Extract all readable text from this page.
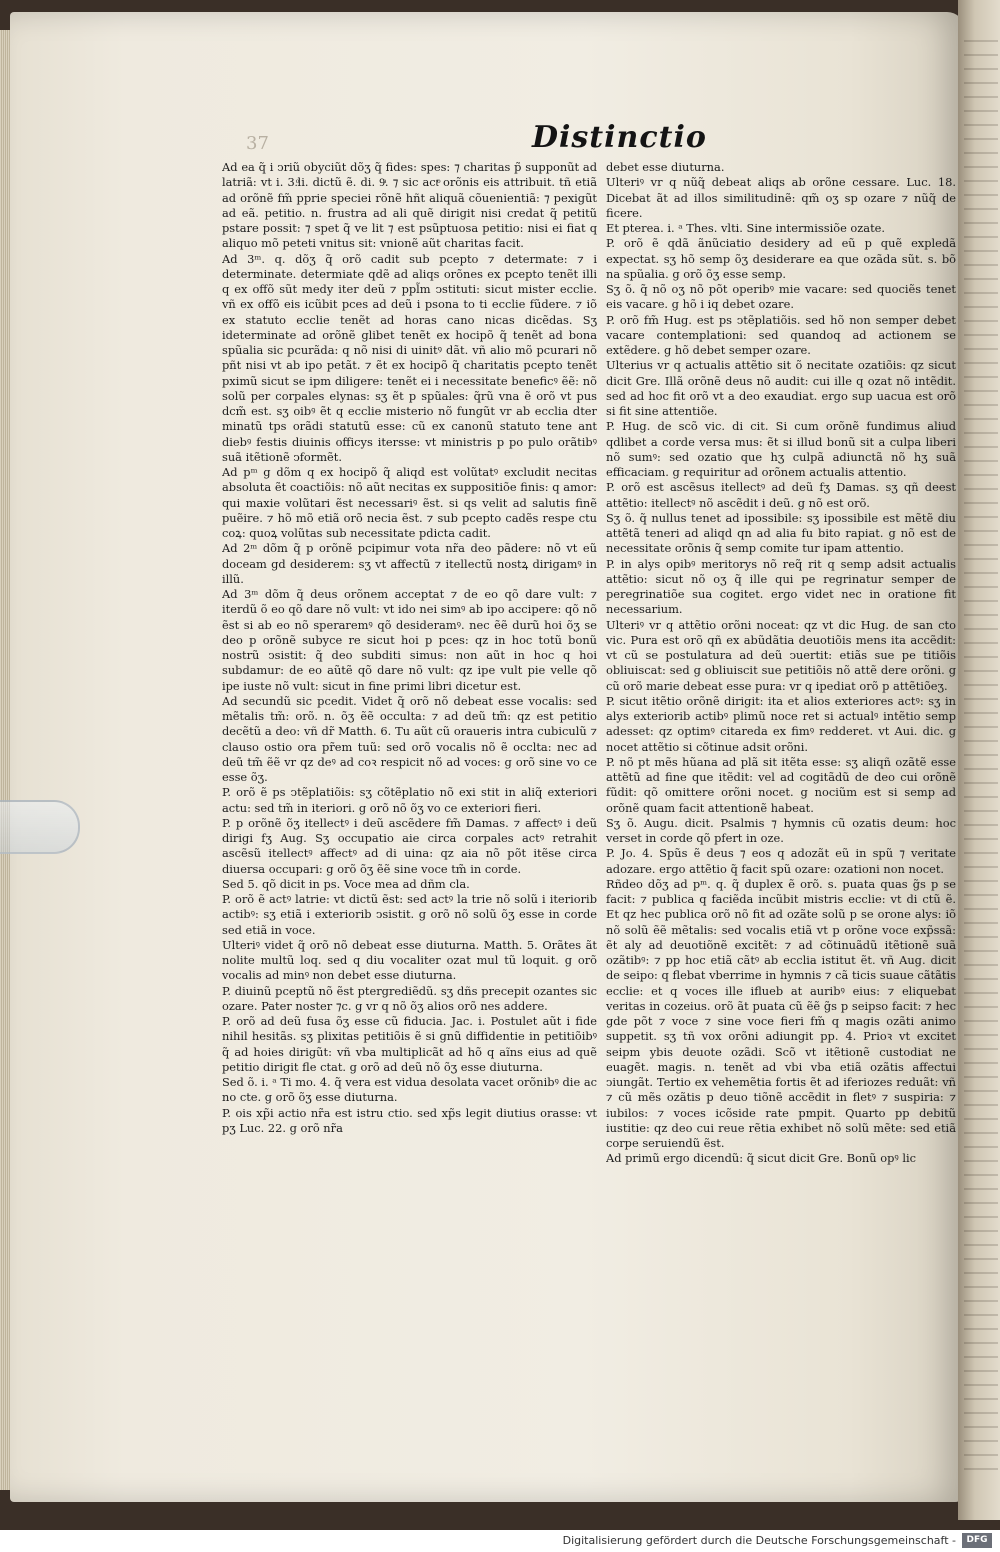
37	Distinctio

Ad ea q̃ i ↄriũ obyciũt dõʒ q̃ fides: spes: ⁊ charitas p̃ supponũt ad latriã: vt i. 3.ͦli. dictũ ẽ. di. 9ͣ. ⁊ sic actͦ orõnis eis attribuit. tñ etiã ad orõnẽ fm̃ pprie speciei rõnẽ hñt aliquã cõuenientiã: ⁊ pexigũt ad eã. petitio. n. frustra ad ali quẽ dirigit nisi credat q̃ petitũ pstare possit: ⁊ spet q̃ ve lit ⁊ est psũptuosa petitio: nisi ei fiat q aliquo mõ peteti vnitus sit: vnionẽ aũt charitas facit.

Ad 3ᵐ. q. dõʒ q̃ orõ cadit sub pcepto ⁊ determate: ⁊ i determinate. determiate qdẽ ad aliqs orõnes ex pcepto tenẽt illi q ex offõ sũt medy iter deũ ⁊ ppl̃m ↄstituti: sicut mister ecclie. vñ ex offõ eis icũbit pces ad deũ i psona to ti ecclie fũdere. ⁊ iõ ex statuto ecclie tenẽt ad horas cano nicas dicẽdas. Sʒ ideterminate ad orõnẽ glibet tenẽt ex hocipõ q̃ tenẽt ad bona spũalia sic pcurãda: q nõ nisi di uinitꝰ dãt. vñ alio mõ pcurari nõ pñt nisi vt ab ipo petãt. ⁊ ẽt ex hocipõ q̃ charitatis pcepto tenẽt pximũ sicut se ipm diligere: tenẽt ei i necessitate beneficꝰ ẽẽ: nõ solũ per corpales elynas: sʒ ẽt p spũales: q̃rũ vna ẽ orõ vt pus dcm̃ est. sʒ oibꝰ ẽt q ecclie misterio nõ fungũt vr ab ecclia dter minatũ tps orãdi statutũ esse: cũ ex canonũ statuto tene ant diebꝰ festis diuinis officys itersse: vt ministris p po pulo orãtibꝰ suã itẽtionẽ ↄformẽt.

Ad pᵐ g dõm q ex hocipõ q̃ aliqd est volũtatꝰ excludit necitas absoluta ẽt coactiõis: nõ aũt necitas ex suppositiõe finis: q amor: qui maxie volũtari ẽst necessariꝰ ẽst. si qs velit ad salutis finẽ puẽire. ⁊ hõ mõ etiã orõ necia ẽst. ⁊ sub pcepto cadẽs respe ctu coꝝ: quoꝝ volũtas sub necessitate pdicta cadit.

Ad 2ᵐ dõm q̃ p orõnẽ pcipimur vota nr̃a deo pãdere: nõ vt eũ doceam gd desiderem: sʒ vt affectũ ⁊ itellectũ nostꝝ dirigamꝰ in illũ.

Ad 3ᵐ dõm q̃ deus orõnem acceptat ⁊ de eo qõ dare vult: ⁊ iterdũ õ eo qõ dare nõ vult: vt ido nei simꝰ ab ipo accipere: qõ nõ ẽst si ab eo nõ speraremꝰ qõ desideramꝰ. nec ẽẽ durũ hoi õʒ se deo p orõnẽ subyce re sicut hoi p pces: qz in hoc totũ bonũ nostrũ ↄsistit: q̃ deo subditi simus: non aũt in hoc q hoi subdamur: de eo aũtẽ qõ dare nõ vult: qz ipe vult pie velle qõ ipe iuste nõ vult: sicut in fine primi libri dicetur est.

Ad secundũ sic pcedit. Videt q̃ orõ nõ debeat esse vocalis: sed mẽtalis tm̃: orõ. n. õʒ ẽẽ occulta: ⁊ ad deũ tm̃: qz est petitio decẽtũ a deo: vñ dr̃ Matth. 6. Tu aũt cũ oraueris intra cubiculũ ⁊ clauso ostio ora pr̃em tuũ: sed orõ vocalis nõ ẽ occlta: nec ad deũ tm̃ ẽẽ vr qz deꝰ ad coꝛ respicit nõ ad voces: g orõ sine vo ce esse õʒ.

P. orõ ẽ ps ↄtẽplatiõis: sʒ cõtẽplatio nõ exi stit in aliq̃ exteriori actu: sed tm̃ in iteriori. g orõ nõ õʒ vo ce exteriori fieri.

P. p orõnẽ õʒ itellectꝰ i deũ ascẽdere fm̃ Damas. ⁊ affectꝰ i deũ dirigi fʒ Aug. Sʒ occupatio aie circa corpales actꝰ retrahit ascẽsũ itellectꝰ affectꝰ ad di uina: qz aia nõ põt itẽse circa diuersa occupari: g orõ õʒ ẽẽ sine voce tm̃ in corde.

Sed 5. qõ dicit in ps. Voce mea ad dñm cla.

P. orõ ẽ actꝰ latrie: vt dictũ ẽst: sed actꝰ la trie nõ solũ i iteriorib actibꝰ: sʒ etiã i exteriorib ↄsistit. g orõ nõ solũ õʒ esse in corde sed etiã in voce.

Ulteriꝰ videt q̃ orõ nõ debeat esse diuturna. Matth. 5. Orãtes ãt nolite multũ loq. sed q diu vocaliter ozat mul tũ loquit. g orõ vocalis ad minꝰ non debet esse diuturna.

P. diuinũ pceptũ nõ ẽst ptergrediẽdũ. sʒ dñs precepit ozantes sic ozare. Pater noster ⁊c. g vr q nõ õʒ alios orõ nes addere.

P. orõ ad deũ fusa õʒ esse cũ fiducia. Jac. i. Postulet aũt i fide nihil hesitãs. sʒ plixitas petitiõis ẽ si gnũ diffidentie in petitiõibꝰ q̃ ad hoies dirigũt: vñ vba multiplicãt ad hõ q aĩns eius ad quẽ petitio dirigit fle ctat. g orõ ad deũ nõ õʒ esse diuturna.

Sed õ. i. ᵃ Ti mo. 4. q̃ vera est vidua desolata vacet orõnibꝰ die ac no cte. g orõ õʒ esse diuturna.

P. ois xp̃i actio nr̃a est istru ctio. sed xp̃s legit diutius orasse: vt pʒ Luc. 22. g orõ nr̃a

debet esse diuturna.

Ulteriꝰ vr q nũq̃ debeat aliqs ab orõne cessare. Luc. 18. Dicebat ãt ad illos similitudinẽ: qm̃ oʒ sp ozare ⁊ nũq̃ de ficere.

Et pterea. i. ᵃ Thes. vlti. Sine intermissiõe ozate.

P. orõ ẽ qdã ãnũciatio desidery ad eũ p quẽ expledã expectat. sʒ hõ semp õʒ desiderare ea que ozãda sũt. s. bõ na spũalia. g orõ õʒ esse semp.

Sʒ õ. q̃ nõ oʒ nõ põt operibꝰ mie vacare: sed quociẽs tenet eis vacare. g hõ i iq debet ozare.

P. orõ fm̃ Hug. est ps ↄtẽplatiõis. sed hõ non semper debet vacare contemplationi: sed quandoq ad actionem se extẽdere. g hõ debet semper ozare.

Ulterius vr q actualis attẽtio sit õ necitate ozatiõis: qz sicut dicit Gre. Illã orõnẽ deus nõ audit: cui ille q ozat nõ intẽdit. sed ad hoc fit orõ vt a deo exaudiat. ergo sup uacua est orõ si fit sine attentiõe.

P. Hug. de scõ vic. di cit. Si cum orõnẽ fundimus aliud qdlibet a corde versa mus: ẽt si illud bonũ sit a culpa liberi nõ sumꝰ: sed ozatio que hʒ culpã adiunctã nõ hʒ suã efficaciam. g requiritur ad orõnem actualis attentio.

P. orõ est ascẽsus itellectꝰ ad deũ fʒ Damas. sʒ qñ deest attẽtio: itellectꝰ nõ ascẽdit i deũ. g nõ est orõ.

Sʒ õ. q̃ nullus tenet ad ipossibile: sʒ ipossibile est mẽtẽ diu attẽtã teneri ad aliqd qn ad alia fu bito rapiat. g nõ est de necessitate orõnis q̃ semp comite tur ipam attentio.

P. in alys opibꝰ meritorys nõ req̃ rit q semp adsit actualis attẽtio: sicut nõ oʒ q̃ ille qui pe regrinatur semper de peregrinatiõe sua cogitet. ergo videt nec in oratione fit necessarium.

Ulteriꝰ vr q attẽtio orõni noceat: qz vt dic Hug. de san cto vic. Pura est orõ qñ ex abũdãtia deuotiõis mens ita accẽdit: vt cũ se postulatura ad deũ ↄuertit: etiãs sue pe titiõis obliuiscat: sed g obliuiscit sue petitiõis nõ attẽ dere orõni. g cũ orõ marie debeat esse pura: vr q ipediat orõ p attẽtiõeʒ.

P. sicut itẽtio orõnẽ dirigit: ita et alios exteriores actꝰ: sʒ in alys exteriorib actibꝰ plimũ noce ret si actualꝰ intẽtio semp adesset: qz optimꝰ citareda ex fimꝰ redderet. vt Aui. dic. g nocet attẽtio si cõtinue adsit orõni.

P. nõ pt mẽs hũana ad plã sit itẽta esse: sʒ aliqñ ozãtẽ esse attẽtũ ad fine que itẽdit: vel ad cogitãdũ de deo cui orõnẽ fũdit: qõ omittere orõni nocet. g nociũm est si semp ad orõnẽ quam facit attentionẽ habeat.

Sʒ õ. Augu. dicit. Psalmis ⁊ hymnis cũ ozatis deum: hoc verset in corde qõ pfert in oze.

P. Jo. 4. Spũs ẽ deus ⁊ eos q adozãt eũ in spũ ⁊ veritate adozare. ergo attẽtio q̃ facit spũ ozare: ozationi non nocet.

Rñdeo dõʒ ad pᵐ. q. q̃ duplex ẽ orõ. s. puata quas g̃s p se facit: ⁊ publica q faciẽda incũbit mistris ecclie: vt di ctũ ẽ. Et qz hec publica orõ nõ fit ad ozãte solũ p se orone alys: iõ nõ solũ ẽẽ mẽtalis: sed vocalis etiã vt p orõne voce exp̃ssã: ẽt aly ad deuotiõnẽ excitẽt: ⁊ ad cõtinuãdũ itẽtionẽ suã ozãtibꝰ: ⁊ pp hoc etiã cãtꝰ ab ecclia istitut ẽt. vñ Aug. dicit de seipo: q flebat vberrime in hymnis ⁊ cã ticis suaue cãtãtis ecclie: et q voces ille iflueb at auribꝰ eius: ⁊ eliquebat veritas in cozeius. orõ ãt puata cũ ẽẽ g̃s p seipso facit: ⁊ hec gde põt ⁊ voce ⁊ sine voce fieri fm̃ q magis ozãti animo suppetit. sʒ tñ vox orõni adiungit pp. 4. Prioꝛ vt excitet seipm ybis deuote ozãdi. Scõ vt itẽtionẽ custodiat ne euagẽt. magis. n. tenẽt ad vbi vba etiã ozãtis affectui ↄiungãt. Tertio ex vehemẽtia fortis ẽt ad iferiozes reduãt: vñ ⁊ cũ mẽs ozãtis p deuo tiõnẽ accẽdit in fletꝰ ⁊ suspiria: ⁊ iubilos: ⁊ voces icõside rate pmpit. Quarto pp debitũ iustitie: qz deo cui reue rẽtia exhibet nõ solũ mẽte: sed etiã corpe seruiendũ ẽst.

Ad primũ ergo dicendũ: q̃ sicut dicit Gre. Bonũ opꝰ lic

Digitalisierung gefördert durch die Deutsche Forschungsgemeinschaft -	DFG
